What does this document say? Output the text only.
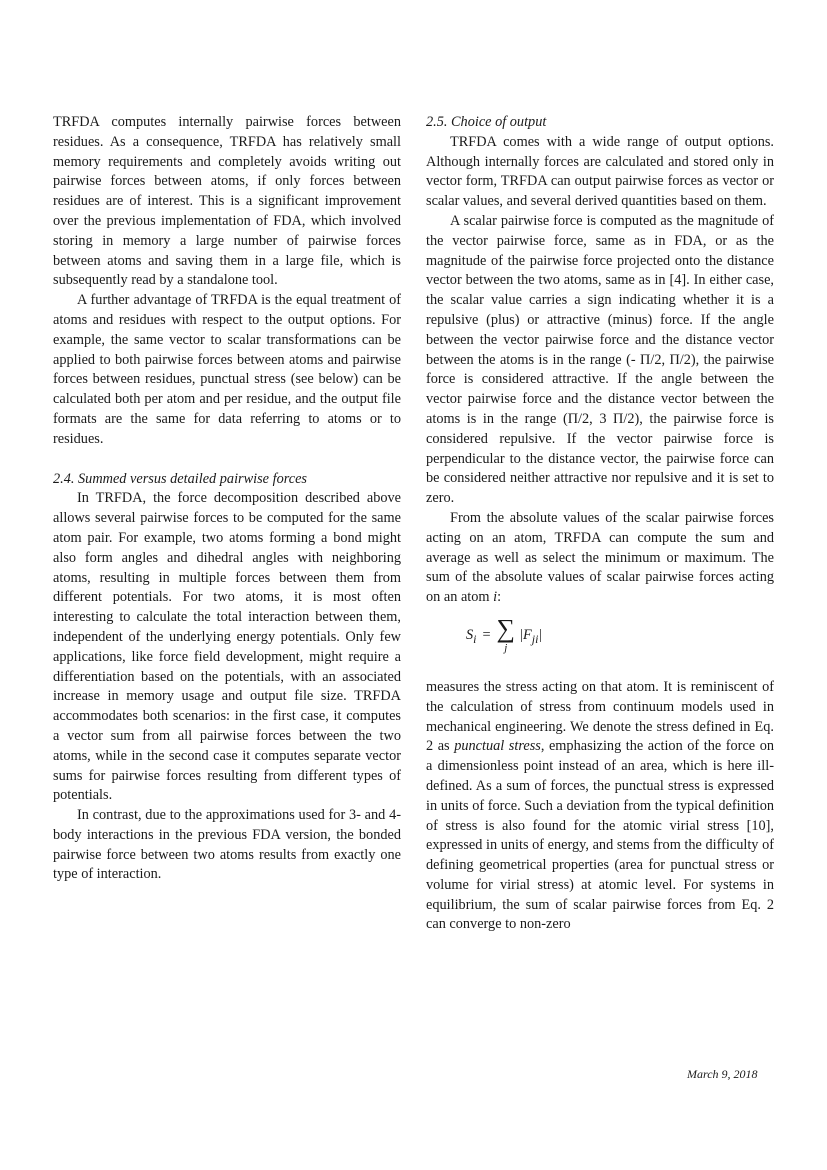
TRFDA computes internally pairwise forces between residues. As a consequence, TRFDA has relatively small memory requirements and completely avoids writing out pairwise forces between atoms, if only forces between residues are of interest. This is a significant improvement over the previous implementation of FDA, which involved storing in memory a large number of pairwise forces between atoms and saving them in a large file, which is subsequently read by a standalone tool.

A further advantage of TRFDA is the equal treatment of atoms and residues with respect to the output options. For example, the same vector to scalar transformations can be applied to both pairwise forces between atoms and pairwise forces between residues, punctual stress (see below) can be calculated both per atom and per residue, and the output file formats are the same for data referring to atoms or to residues.

2.4. Summed versus detailed pairwise forces

In TRFDA, the force decomposition described above allows several pairwise forces to be computed for the same atom pair. For example, two atoms forming a bond might also form angles and dihedral angles with neighboring atoms, resulting in multiple forces between them from different potentials. For two atoms, it is most often interesting to calculate the total interaction between them, independent of the underlying energy potentials. Only few applications, like force field development, might require a differentiation based on the potentials, with an associated increase in memory usage and output file size. TRFDA accommodates both scenarios: in the first case, it computes a vector sum from all pairwise forces between the two atoms, while in the second case it computes separate vector sums for pairwise forces resulting from different types of potentials.

In contrast, due to the approximations used for 3- and 4-body interactions in the previous FDA version, the bonded pairwise force between two atoms results from exactly one type of interaction.

2.5. Choice of output

TRFDA comes with a wide range of output options. Although internally forces are calculated and stored only in vector form, TRFDA can output pairwise forces as vector or scalar values, and several derived quantities based on them.

A scalar pairwise force is computed as the magnitude of the vector pairwise force, same as in FDA, or as the magnitude of the pairwise force projected onto the distance vector between the two atoms, same as in [4]. In either case, the scalar value carries a sign indicating whether it is a repulsive (plus) or attractive (minus) force. If the angle between the vector pairwise force and the distance vector between the atoms is in the range (- Π/2, Π/2), the pairwise force is considered attractive. If the angle between the vector pairwise force and the distance vector between the atoms is in the range (Π/2, 3 Π/2), the pairwise force is considered repulsive. If the vector pairwise force is perpendicular to the distance vector, the pairwise force can be considered neither attractive nor repulsive and it is set to zero.

From the absolute values of the scalar pairwise forces acting on an atom, TRFDA can compute the sum and average as well as select the minimum or maximum. The sum of the absolute values of scalar pairwise forces acting on an atom i:

$S_i$ = ∑
j
$|F_{ji}|$

measures the stress acting on that atom. It is reminiscent of the calculation of stress from continuum models used in mechanical engineering. We denote the stress defined in Eq. 2 as punctual stress, emphasizing the action of the force on a dimensionless point instead of an area, which is here ill-defined. As a sum of forces, the punctual stress is expressed in units of force. Such a deviation from the typical definition of stress is also found for the atomic virial stress [10], expressed in units of energy, and stems from the difficulty of defining geometrical properties (area for punctual stress or volume for virial stress) at atomic level. For systems in equilibrium, the sum of scalar pairwise forces from Eq. 2 can converge to non-zero

March 9, 2018
